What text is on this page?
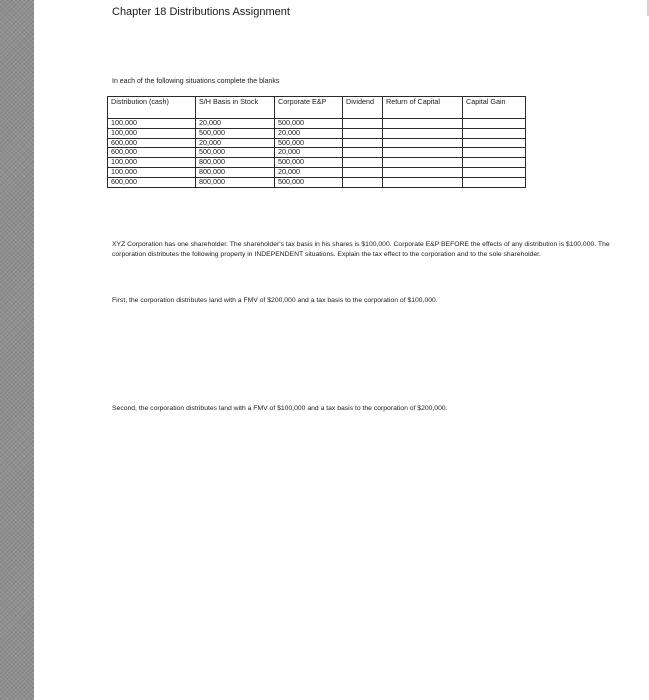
Chapter 18 Distributions Assignment
In each of the following situations complete the blanks
Distribution (cash)	S/H Basis in Stock	Corporate E&P	Dividend	Return of Capital	Capital Gain
100,000	20,000	500,000			
100,000	500,000	20,000			
600,000	20,000	500,000			
600,000	500,000	20,000			
100,000	800,000	500,000			
100,000	800,000	20,000			
600,000	800,000	500,000			
XYZ Corporation has one shareholder. The shareholder's tax basis in his shares is $100,000. Corporate E&P BEFORE the effects of any distribution is $100,000. The corporation distributes the following property in INDEPENDENT situations. Explain the tax effect to the corporation and to the sole shareholder.
First, the corporation distributes land with a FMV of $200,000 and a tax basis to the corporation of $100,000.
Second, the corporation distributes land with a FMV of $100,000 and a tax basis to the corporation of $200,000.
